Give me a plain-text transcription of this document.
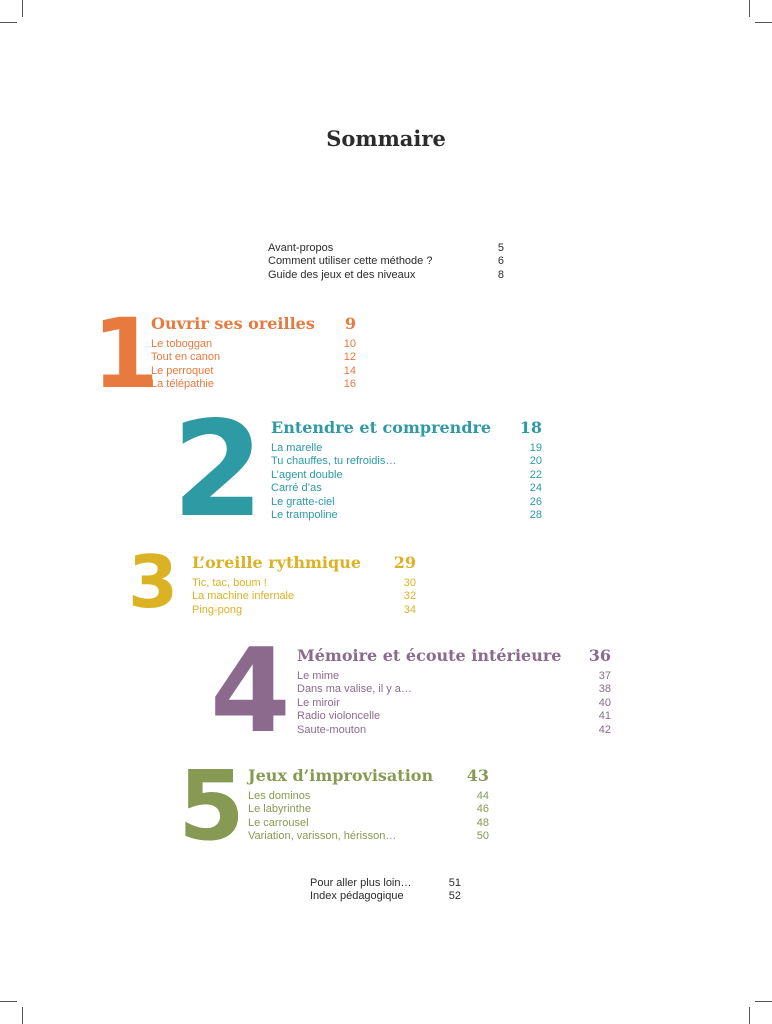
Sommaire
Avant-propos	5
Comment utiliser cette méthode ?	6
Guide des jeux et des niveaux	8
1
Ouvrir ses oreilles	9
Le toboggan	10
Tout en canon	12
Le perroquet	14
La télépathie	16
2 Entendre et comprendre	18
La marelle	19
Tu chauffes, tu refroidis…	20
L’agent double	22
Carré d’as	24
Le gratte-ciel	26
Le trampoline	28
3 L’oreille rythmique	29
Tic, tac, boum !	30
La machine infernale	32
Ping-pong	34
4 Mémoire et écoute intérieure	36
Le mime	37
Dans ma valise, il y a…	38
Le miroir	40
Radio violoncelle	41
Saute-mouton	42
5 Jeux d’improvisation	43
Les dominos	44
Le labyrinthe	46
Le carrousel	48
Variation, varisson, hérisson…	50
Pour aller plus loin…	51
Index pédagogique	52
